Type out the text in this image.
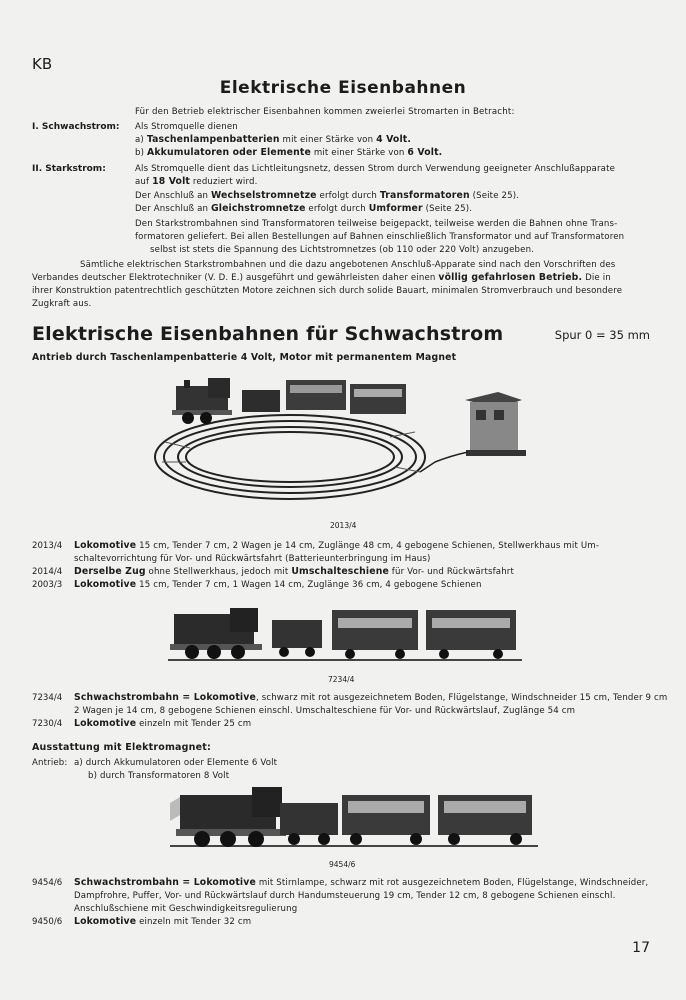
KB
Elektrische Eisenbahnen
Für den Betrieb elektrischer Eisenbahnen kommen zweierlei Stromarten in Betracht:
I. Schwachstrom: Als Stromquelle dienen
a) Taschenlampenbatterien mit einer Stärke von 4 Volt.
b) Akkumulatoren oder Elemente mit einer Stärke von 6 Volt.
II. Starkstrom:	Als Stromquelle dient das Lichtleitungsnetz, dessen Strom durch Verwendung geeigneter Anschlußapparate
auf 18 Volt reduziert wird.
Der Anschluß an Wechselstromnetze erfolgt durch Transformatoren (Seite 25).
Der Anschluß an Gleichstromnetze erfolgt durch Umformer (Seite 25).
Den Starkstrombahnen sind Transformatoren teilweise beigepackt, teilweise werden die Bahnen ohne Trans-
formatoren geliefert. Bei allen Bestellungen auf Bahnen einschließlich Transformator und auf Transformatoren
selbst ist stets die Spannung des Lichtstromnetzes (ob 110 oder 220 Volt) anzugeben.
Sämtliche elektrischen Starkstrombahnen und die dazu angebotenen Anschluß-Apparate sind nach den Vorschriften des
Verbandes deutscher Elektrotechniker (V. D. E.) ausgeführt und gewährleisten daher einen völlig gefahrlosen Betrieb. Die in
ihrer Konstruktion patentrechtlich geschützten Motore zeichnen sich durch solide Bauart, minimalen Stromverbrauch und besondere
Zugkraft aus.
Elektrische Eisenbahnen für Schwachstrom	Spur 0 = 35 mm
Antrieb durch Taschenlampenbatterie 4 Volt, Motor mit permanentem Magnet
2013/4
2013/4 Lokomotive 15 cm, Tender 7 cm, 2 Wagen je 14 cm, Zuglänge 48 cm, 4 gebogene Schienen, Stellwerkhaus mit Um-
schaltevorrichtung für Vor- und Rückwärtsfahrt (Batterieunterbringung im Haus)
2014/4 Derselbe Zug ohne Stellwerkhaus, jedoch mit Umschalteschiene für Vor- und Rückwärtsfahrt
2003/3 Lokomotive 15 cm, Tender 7 cm, 1 Wagen 14 cm, Zuglänge 36 cm, 4 gebogene Schienen
7234/4
7234/4 Schwachstrombahn = Lokomotive, schwarz mit rot ausgezeichnetem Boden, Flügelstange, Windschneider 15 cm, Tender 9 cm
2 Wagen je 14 cm, 8 gebogene Schienen einschl. Umschalteschiene für Vor- und Rückwärtslauf, Zuglänge 54 cm
7230/4 Lokomotive einzeln mit Tender 25 cm
Ausstattung mit Elektromagnet:
Antrieb: a) durch Akkumulatoren oder Elemente 6 Volt
b) durch Transformatoren 8 Volt
9454/6
9454/6 Schwachstrombahn = Lokomotive mit Stirnlampe, schwarz mit rot ausgezeichnetem Boden, Flügelstange, Windschneider,
Dampfrohre, Puffer, Vor- und Rückwärtslauf durch Handumsteuerung 19 cm, Tender 12 cm, 8 gebogene Schienen einschl.
Anschlußschiene mit Geschwindigkeitsregulierung
9450/6 Lokomotive einzeln mit Tender 32 cm
17
